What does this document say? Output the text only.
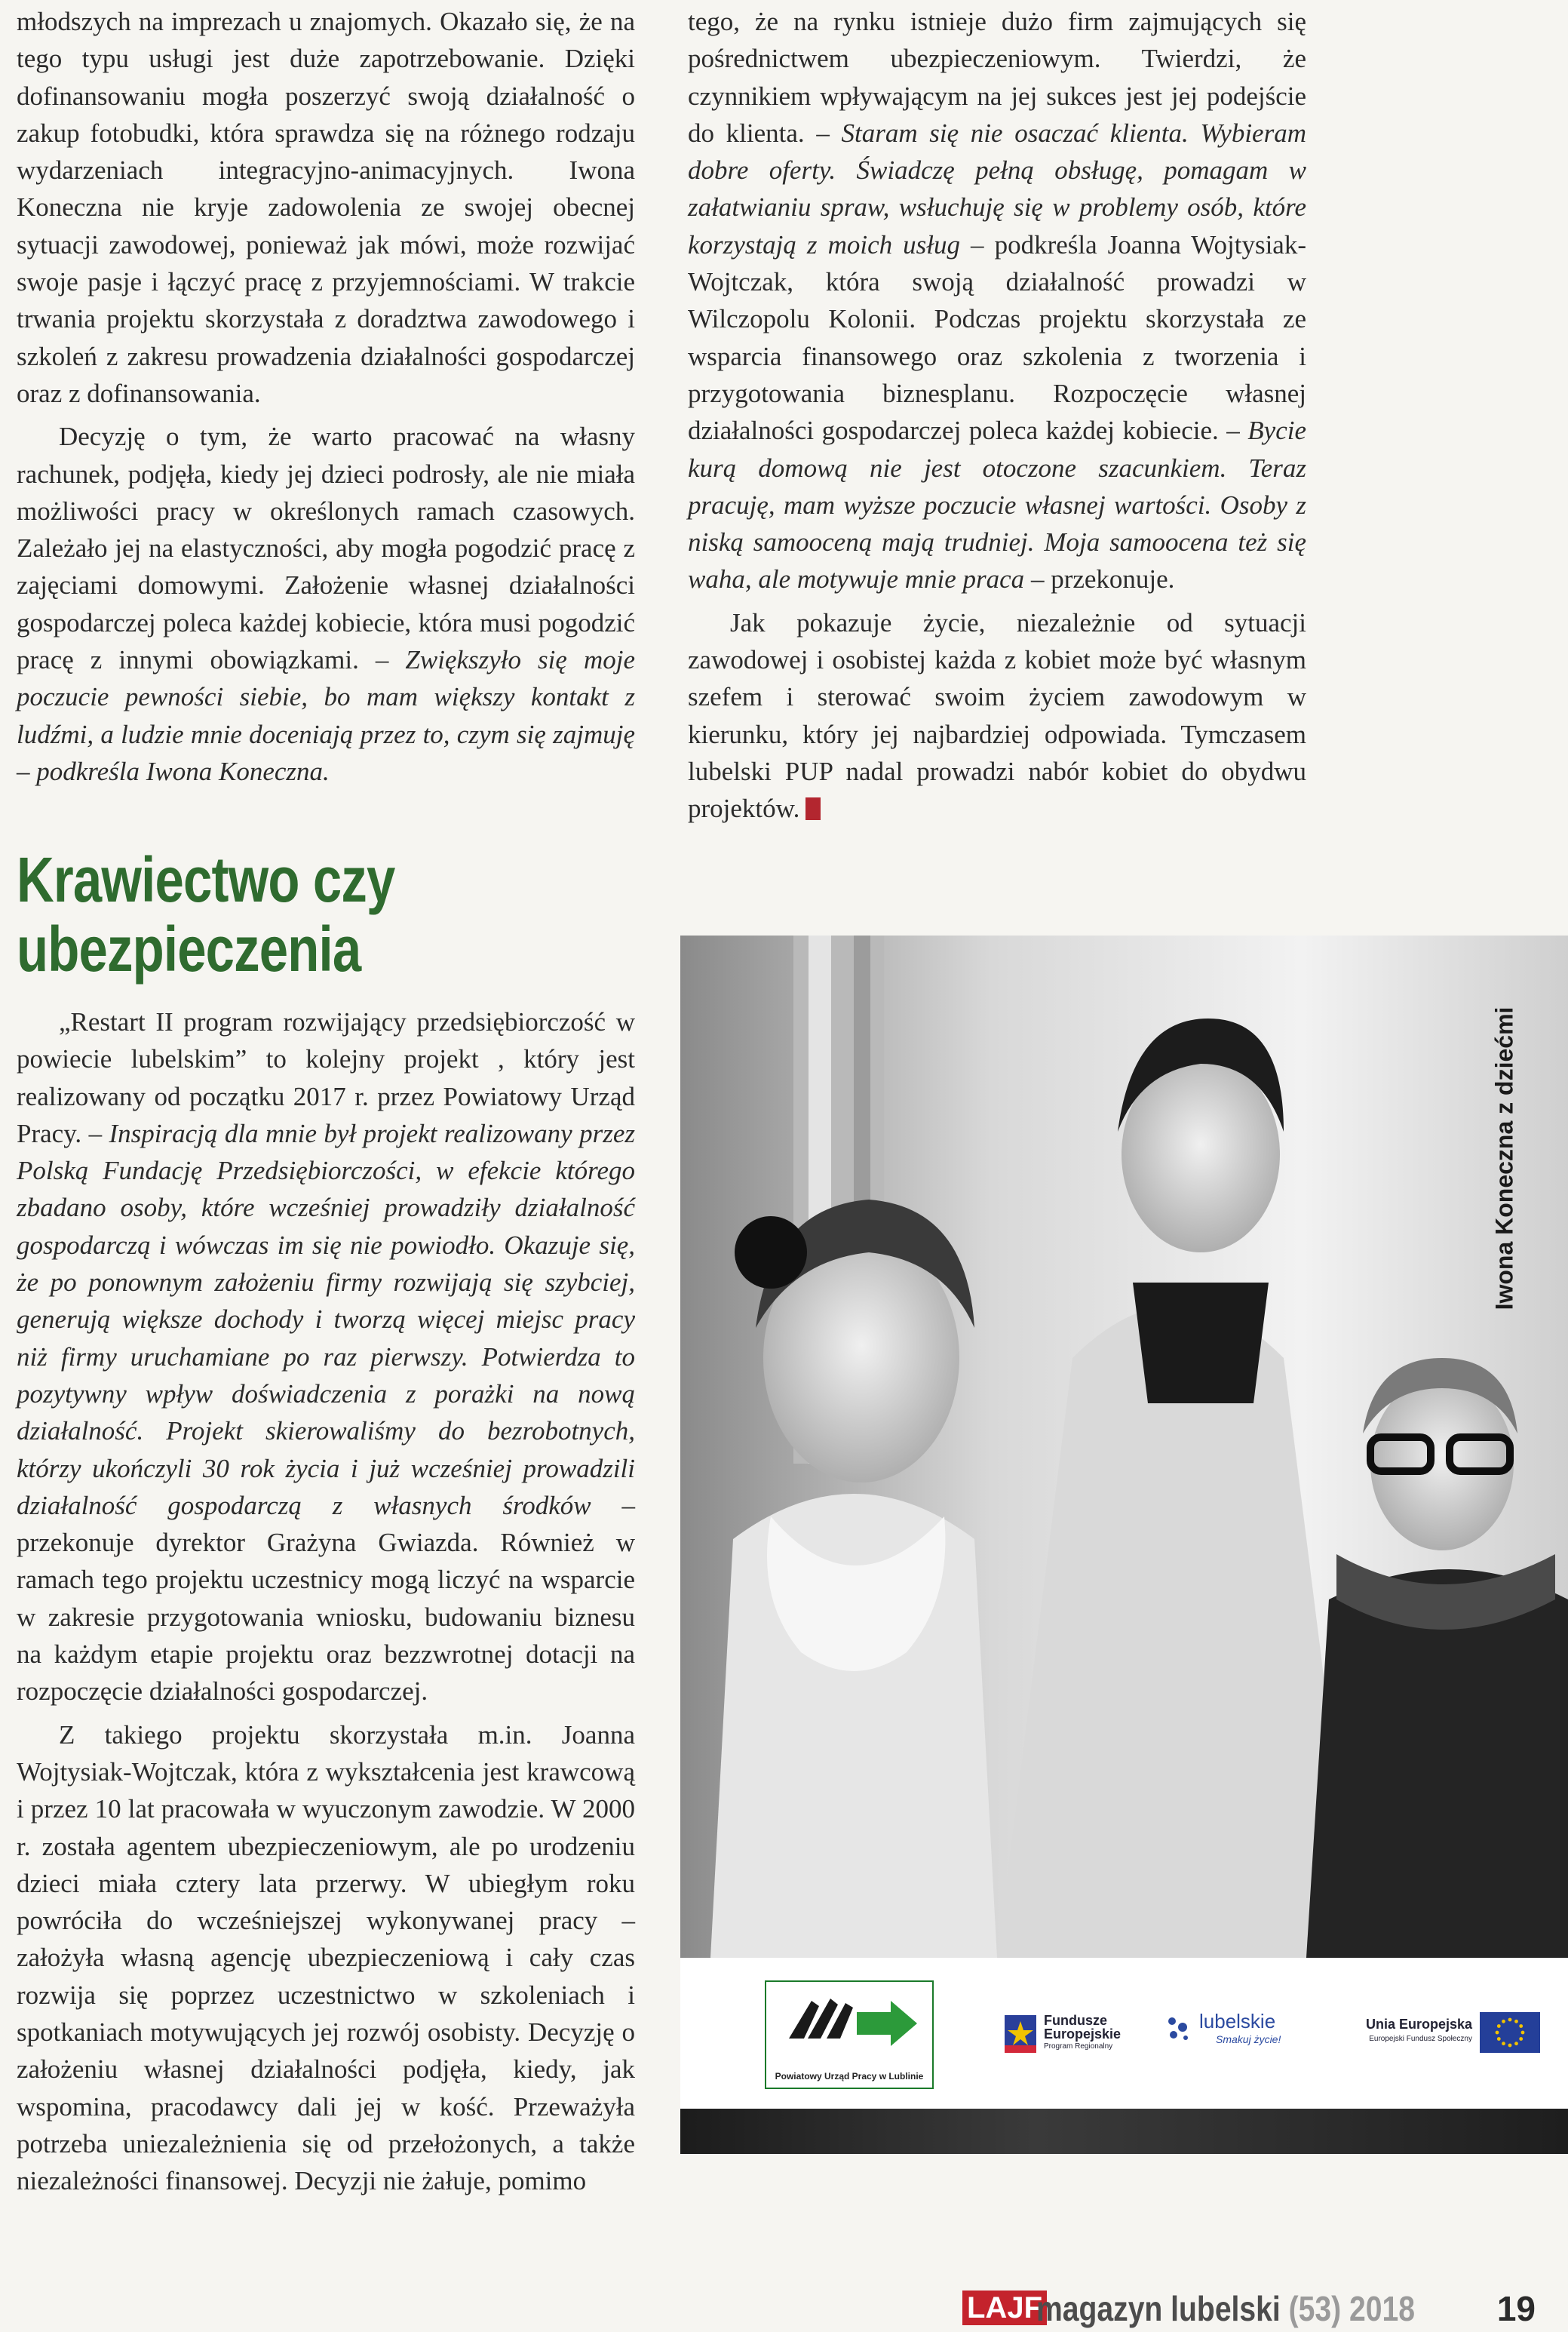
młodszych na imprezach u znajomych. Okazało się, że na tego typu usługi jest duże zapotrzebowanie. Dzięki dofinansowaniu mogła poszerzyć swoją działalność o zakup fotobudki, która sprawdza się na różnego rodzaju wydarzeniach integracyjno-animacyjnych. Iwona Koneczna nie kryje zadowolenia ze swojej obecnej sytuacji zawodowej, ponieważ jak mówi, może rozwijać swoje pasje i łączyć pracę z przyjemnościami. W trakcie trwania projektu skorzystała z doradztwa zawodowego i szkoleń z zakresu prowadzenia działalności gospodarczej oraz z dofinansowania.

Decyzję o tym, że warto pracować na własny rachunek, podjęła, kiedy jej dzieci podrosły, ale nie miała możliwości pracy w określonych ramach czasowych. Zależało jej na elastyczności, aby mogła pogodzić pracę z zajęciami domowymi. Założenie własnej działalności gospodarczej poleca każdej kobiecie, która musi pogodzić pracę z innymi obowiązkami. – Zwiększyło się moje poczucie pewności siebie, bo mam większy kontakt z ludźmi, a ludzie mnie doceniają przez to, czym się zajmuję – podkreśla Iwona Koneczna.

Krawiectwo czy
ubezpieczenia

„Restart II program rozwijający przedsiębiorczość w powiecie lubelskim” to kolejny projekt , który jest realizowany od początku 2017 r. przez Powiatowy Urząd Pracy. – Inspiracją dla mnie był projekt realizowany przez Polską Fundację Przedsiębiorczości, w efekcie którego zbadano osoby, które wcześniej prowadziły działalność gospodarczą i wówczas im się nie powiodło. Okazuje się, że po ponownym założeniu firmy rozwijają się szybciej, generują większe dochody i tworzą więcej miejsc pracy niż firmy uruchamiane po raz pierwszy. Potwierdza to pozytywny wpływ doświadczenia z porażki na nową działalność. Projekt skierowaliśmy do bezrobotnych, którzy ukończyli 30 rok życia i już wcześniej prowadzili działalność gospodarczą z własnych środków – przekonuje dyrektor Grażyna Gwiazda. Również w ramach tego projektu uczestnicy mogą liczyć na wsparcie w zakresie przygotowania wniosku, budowaniu biznesu na każdym etapie projektu oraz bezzwrotnej dotacji na rozpoczęcie działalności gospodarczej.

Z takiego projektu skorzystała m.in. Joanna Wojtysiak-Wojtczak, która z wykształcenia jest krawcową i przez 10 lat pracowała w wyuczonym zawodzie. W 2000 r. została agentem ubezpieczeniowym, ale po urodzeniu dzieci miała cztery lata przerwy. W ubiegłym roku powróciła do wcześniejszej wykonywanej pracy – założyła własną agencję ubezpieczeniową i cały czas rozwija się poprzez uczestnictwo w szkoleniach i spotkaniach motywujących jej rozwój osobisty. Decyzję o założeniu własnej działalności podjęła, kiedy, jak wspomina, pracodawcy dali jej w kość. Przeważyła potrzeba uniezależnienia się od przełożonych, a także niezależności finansowej. Decyzji nie żałuje, pomimo

tego, że na rynku istnieje dużo firm zajmujących się pośrednictwem ubezpieczeniowym. Twierdzi, że czynnikiem wpływającym na jej sukces jest jej podejście do klienta. – Staram się nie osaczać klienta. Wybieram dobre oferty. Świadczę pełną obsługę, pomagam w załatwianiu spraw, wsłuchuję się w problemy osób, które korzystają z moich usług – podkreśla Joanna Wojtysiak-Wojtczak, która swoją działalność prowadzi w Wilczopolu Kolonii. Podczas projektu skorzystała ze wsparcia finansowego oraz szkolenia z tworzenia i przygotowania biznesplanu. Rozpoczęcie własnej działalności gospodarczej poleca każdej kobiecie. – Bycie kurą domową nie jest otoczone szacunkiem. Teraz pracuję, mam wyższe poczucie własnej wartości. Osoby z niską samooceną mają trudniej. Moja samoocena też się waha, ale motywuje mnie praca – przekonuje.

Jak pokazuje życie, niezależnie od sytuacji zawodowej i osobistej każda z kobiet może być własnym szefem i sterować swoim życiem zawodowym w kierunku, który jej najbardziej odpowiada. Tymczasem lubelski PUP nadal prowadzi nabór kobiet do obydwu projektów.

Iwona Koneczna z dziećmi
Powiatowy Urząd Pracy w Lublinie
Fundusze
Europejskie
Program Regionalny
lubelskie
Smakuj życie!
Unia Europejska
Europejski Fundusz Społeczny
LAJF
magazyn lubelski (53) 2018 19
